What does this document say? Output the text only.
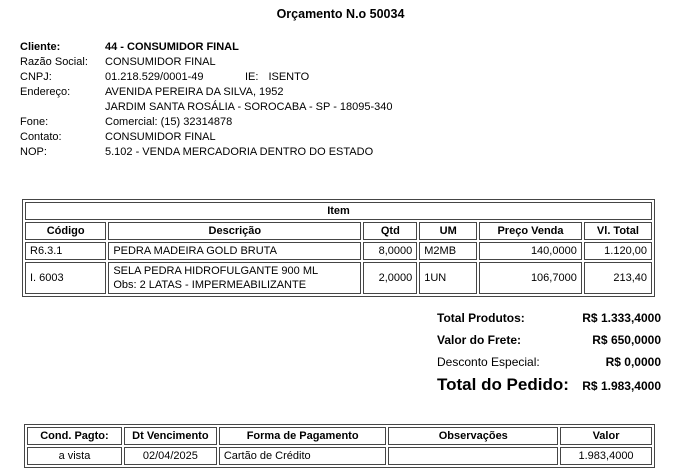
Orçamento N.o 50034
Cliente:	44 - CONSUMIDOR FINAL
Razão Social:	CONSUMIDOR FINAL
CNPJ:	01.218.529/0001-49	IE: ISENTO
Endereço:	AVENIDA PEREIRA DA SILVA, 1952
JARDIM SANTA ROSÁLIA - SOROCABA - SP - 18095-340
Fone:	Comercial: (15) 32314878
Contato:	CONSUMIDOR FINAL
NOP:	5.102 - VENDA MERCADORIA DENTRO DO ESTADO
Item					
Código	Descrição	Qtd	UM	Preço Venda	Vl. Total
R6.3.1	PEDRA MADEIRA GOLD BRUTA	8,0000	M2MB	140,0000	1.120,00
I. 6003	SELA PEDRA HIDROFULGANTE 900 ML
Obs: 2 LATAS - IMPERMEABILIZANTE	2,0000	1UN	106,7000	213,40
Total Produtos:	R$ 1.333,4000
Valor do Frete:	R$ 650,0000
Desconto Especial:	R$ 0,0000
Total do Pedido: R$ 1.983,4000
Cond. Pagto:	Dt Vencimento	Forma de Pagamento	Observações	Valor
a vista	02/04/2025	Cartão de Crédito		1.983,4000
